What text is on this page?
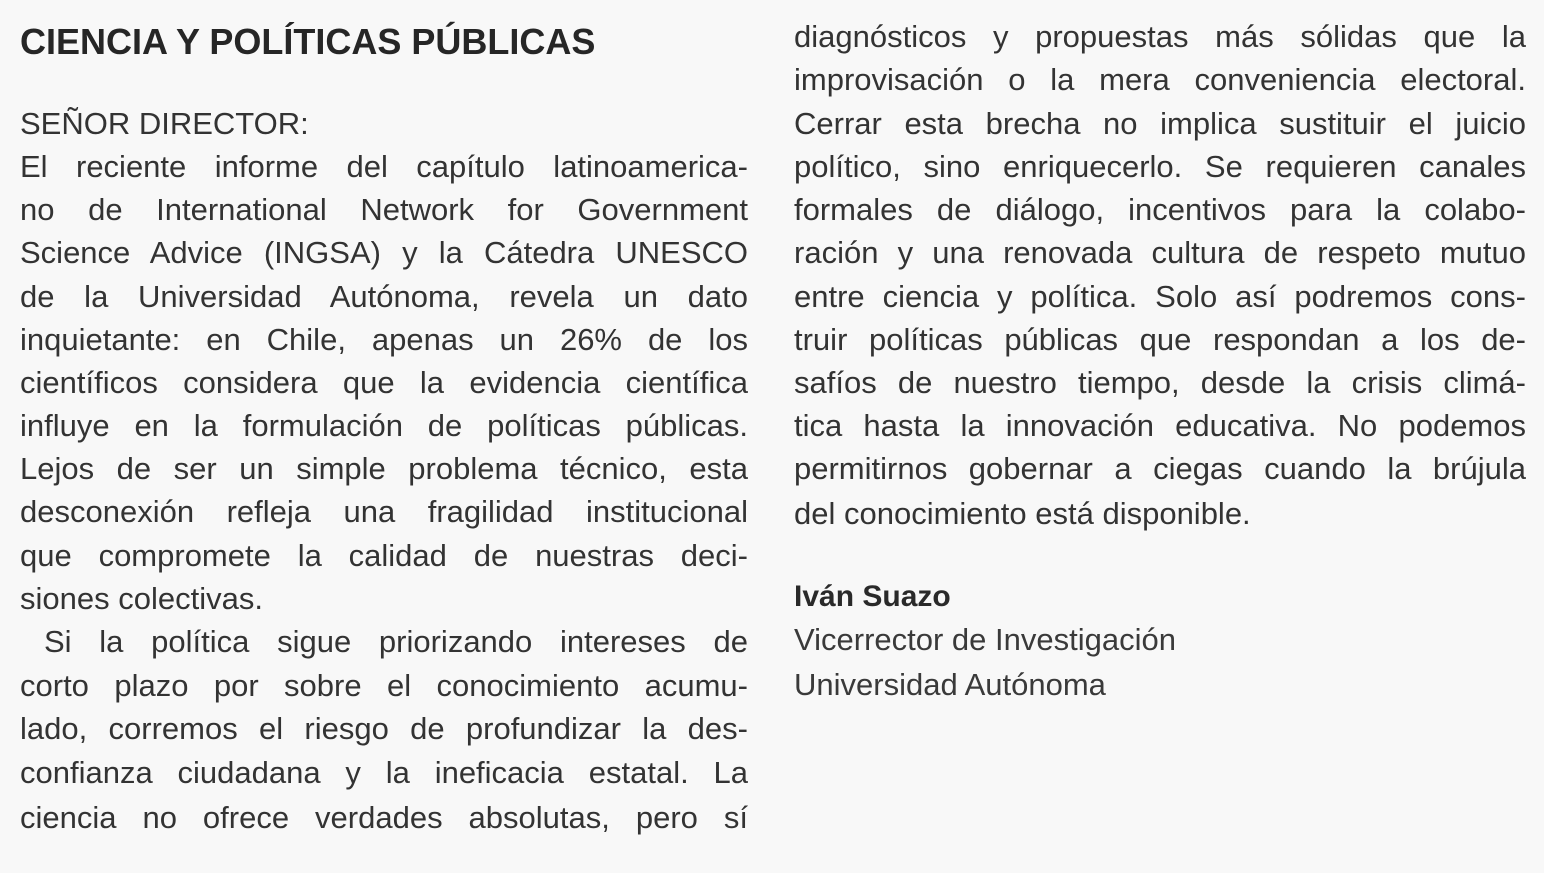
CIENCIA Y POLÍTICAS PÚBLICAS
SEÑOR DIRECTOR:
El reciente informe del capítulo latinoamerica-
no de International Network for Government
Science Advice (INGSA) y la Cátedra UNESCO
de la Universidad Autónoma, revela un dato
inquietante: en Chile, apenas un 26% de los
científicos considera que la evidencia científica
influye en la formulación de políticas públicas.
Lejos de ser un simple problema técnico, esta
desconexión refleja una fragilidad institucional
que compromete la calidad de nuestras deci-
siones colectivas.
Si la política sigue priorizando intereses de
corto plazo por sobre el conocimiento acumu-
lado, corremos el riesgo de profundizar la des-
confianza ciudadana y la ineficacia estatal. La
ciencia no ofrece verdades absolutas, pero sí
diagnósticos y propuestas más sólidas que la
improvisación o la mera conveniencia electoral.
Cerrar esta brecha no implica sustituir el juicio
político, sino enriquecerlo. Se requieren canales
formales de diálogo, incentivos para la colabo-
ración y una renovada cultura de respeto mutuo
entre ciencia y política. Solo así podremos cons-
truir políticas públicas que respondan a los de-
safíos de nuestro tiempo, desde la crisis climá-
tica hasta la innovación educativa. No podemos
permitirnos gobernar a ciegas cuando la brújula
del conocimiento está disponible.
Iván Suazo
Vicerrector de Investigación
Universidad Autónoma
